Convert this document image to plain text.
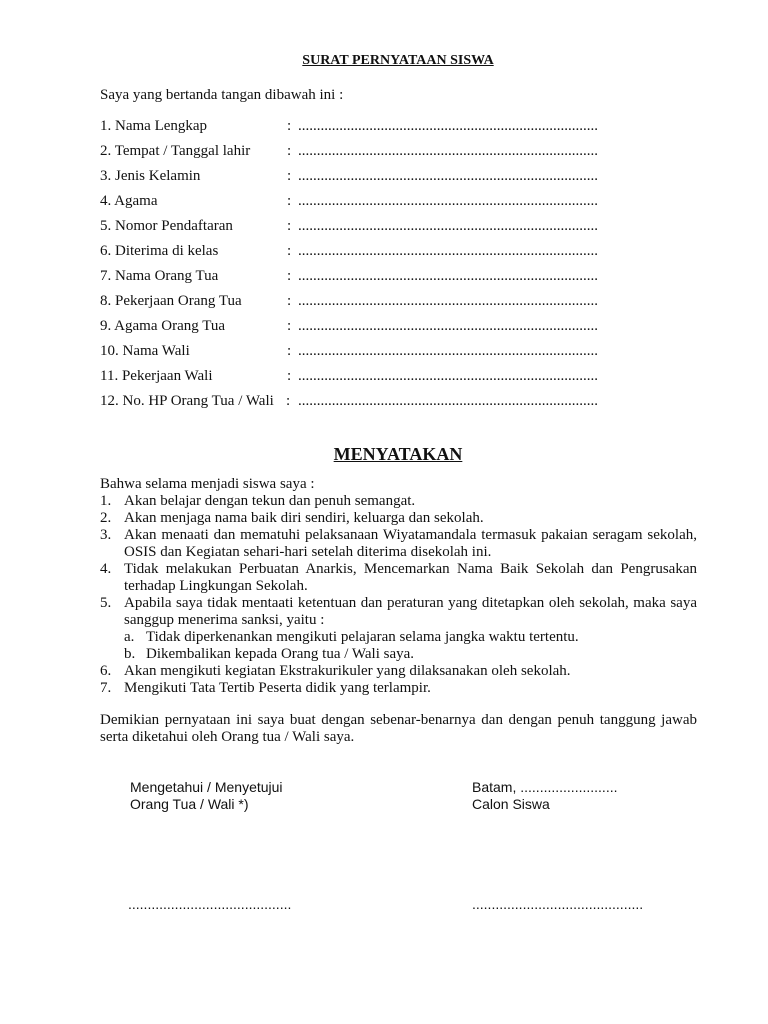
SURAT PERNYATAAN SISWA
Saya yang bertanda tangan dibawah ini :
1. Nama Lengkap	: ................................................................................
2. Tempat / Tanggal lahir : ................................................................................
3. Jenis Kelamin	: ................................................................................
4. Agama	: ................................................................................
5. Nomor Pendaftaran	: ................................................................................
6. Diterima di kelas	: ................................................................................
7. Nama Orang Tua	: ................................................................................
8. Pekerjaan Orang Tua	: ................................................................................
9. Agama Orang Tua	: ................................................................................
10. Nama Wali	: ................................................................................
11. Pekerjaan Wali	: ................................................................................
12. No. HP Orang Tua / Wali : ................................................................................
MENYATAKAN

Bahwa selama menjadi siswa saya :

1. Akan belajar dengan tekun dan penuh semangat.
2. Akan menjaga nama baik diri sendiri, keluarga dan sekolah.
3. Akan menaati dan mematuhi pelaksanaan Wiyatamandala termasuk pakaian seragam sekolah, OSIS dan Kegiatan sehari-hari setelah diterima disekolah ini.
4. Tidak melakukan Perbuatan Anarkis, Mencemarkan Nama Baik Sekolah dan Pengrusakan terhadap Lingkungan Sekolah.
5. Apabila saya tidak mentaati ketentuan dan peraturan yang ditetapkan oleh sekolah, maka saya sanggup menerima sanksi, yaitu :
a. Tidak diperkenankan mengikuti pelajaran selama jangka waktu tertentu.
b. Dikembalikan kepada Orang tua / Wali saya.
6. Akan mengikuti kegiatan Ekstrakurikuler yang dilaksanakan oleh sekolah.
7. Mengikuti Tata Tertib Peserta didik yang terlampir.
Demikian pernyataan ini saya buat dengan sebenar-benarnya dan dengan penuh tanggung jawab serta diketahui oleh Orang tua / Wali saya.
Mengetahui / Menyetujui
Orang Tua / Wali *)
Batam, .........................
Calon Siswa
..........................................	............................................
